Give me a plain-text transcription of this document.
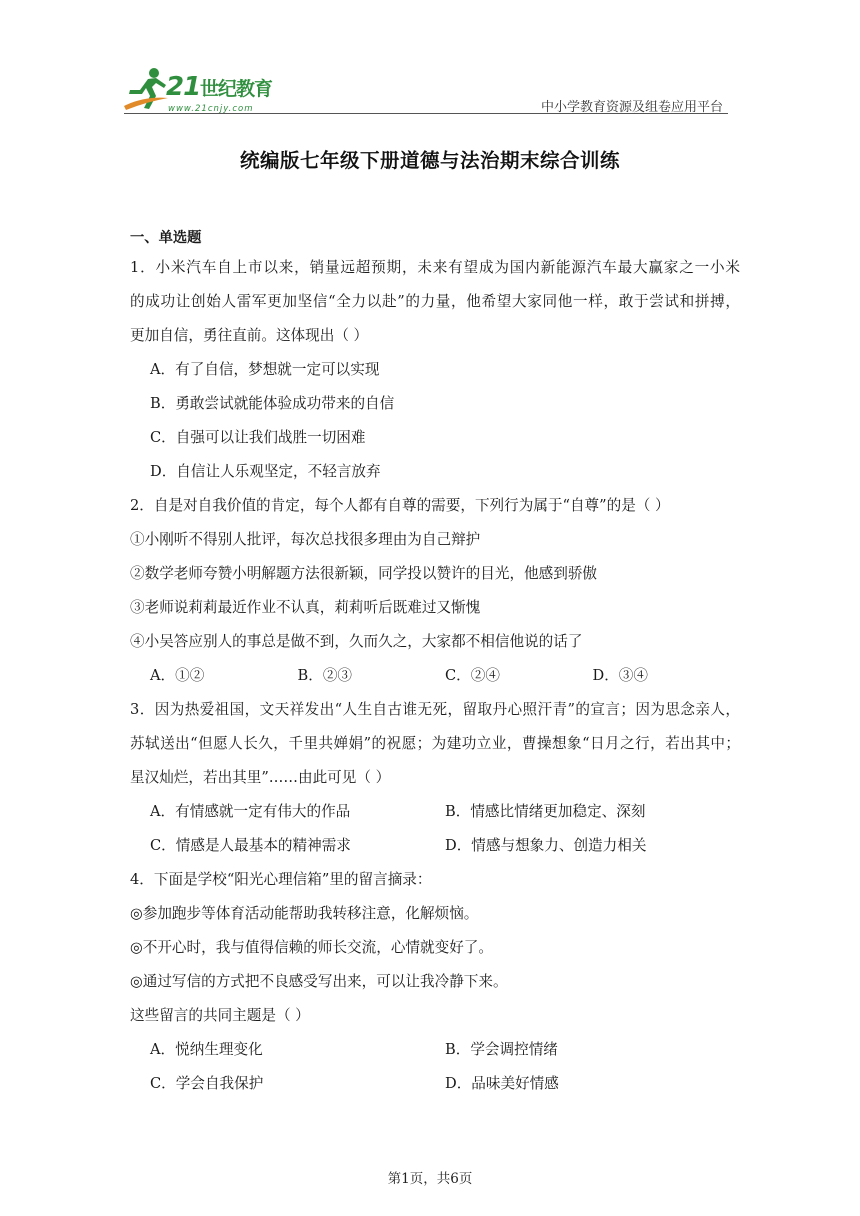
21 世纪教育
www.21cnjy.com	中小学教育资源及组卷应用平台
统编版七年级下册道德与法治期末综合训练
一、单选题
1．小米汽车自上市以来，销量远超预期，未来有望成为国内新能源汽车最大赢家之一小米
的成功让创始人雷军更加坚信“全力以赴”的力量，他希望大家同他一样，敢于尝试和拼搏，
更加自信，勇往直前。这体现出（ ）
A．有了自信，梦想就一定可以实现
B．勇敢尝试就能体验成功带来的自信
C．自强可以让我们战胜一切困难
D．自信让人乐观坚定，不轻言放弃
2．自是对自我价值的肯定，每个人都有自尊的需要，下列行为属于“自尊”的是（ ）
①小刚听不得别人批评，每次总找很多理由为自己辩护
②数学老师夸赞小明解题方法很新颖，同学投以赞许的目光，他感到骄傲
③老师说莉莉最近作业不认真，莉莉听后既难过又惭愧
④小吴答应别人的事总是做不到，久而久之，大家都不相信他说的话了
A．①②	B．②③	C．②④	D．③④
3．因为热爱祖国，文天祥发出“人生自古谁无死，留取丹心照汗青”的宣言；因为思念亲人，
苏轼送出“但愿人长久，千里共婵娟”的祝愿；为建功立业，曹操想象“日月之行，若出其中；
星汉灿烂，若出其里”……由此可见（ ）
A．有情感就一定有伟大的作品	B．情感比情绪更加稳定、深刻
C．情感是人最基本的精神需求	D．情感与想象力、创造力相关
4．下面是学校“阳光心理信箱”里的留言摘录：
◎参加跑步等体育活动能帮助我转移注意，化解烦恼。
◎不开心时，我与值得信赖的师长交流，心情就变好了。
◎通过写信的方式把不良感受写出来，可以让我冷静下来。
这些留言的共同主题是（ ）
A．悦纳生理变化	B．学会调控情绪
C．学会自我保护	D．品味美好情感
第1页，共6页
